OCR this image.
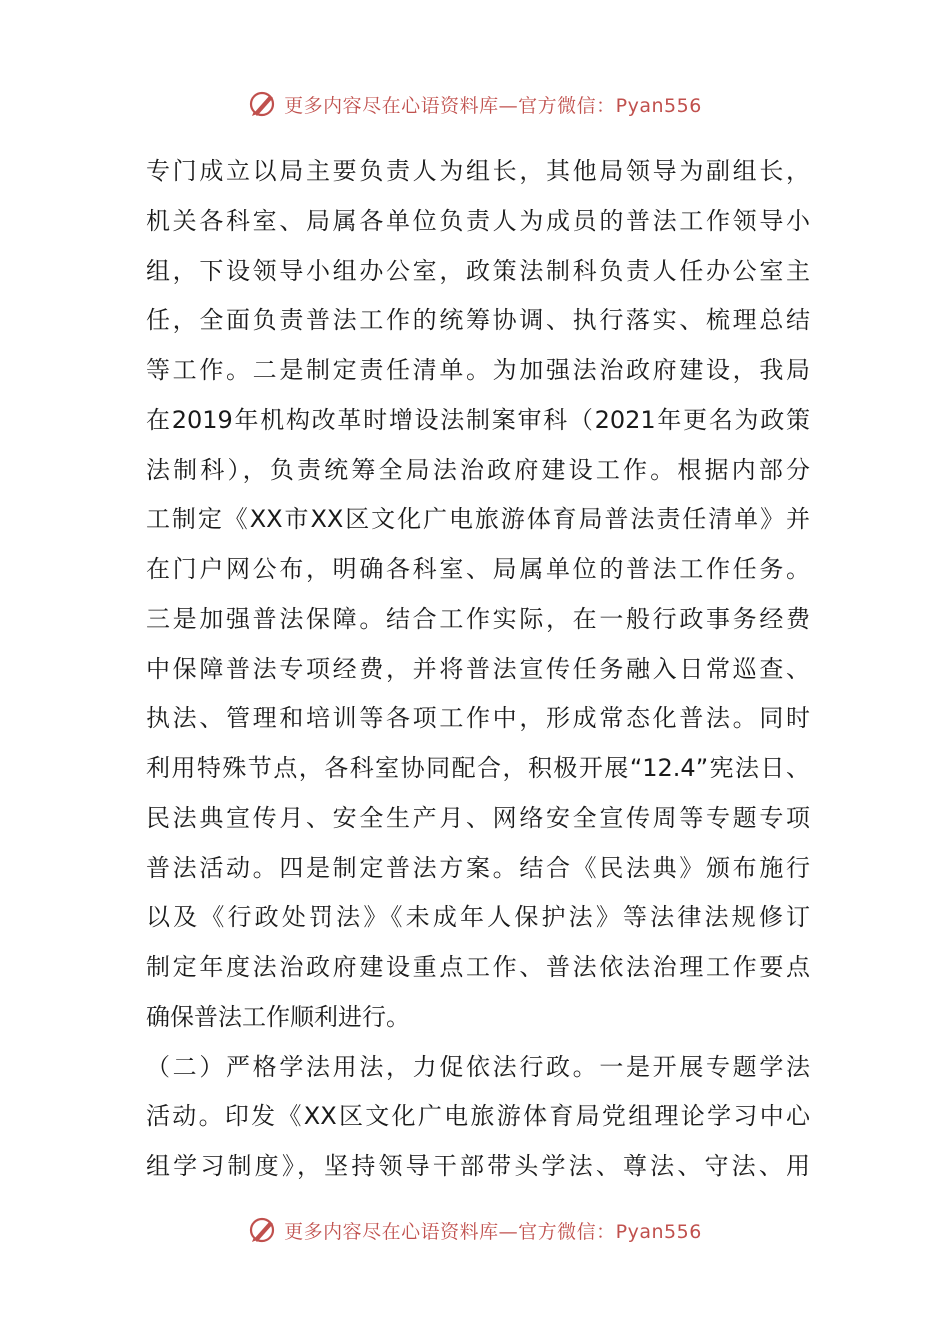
更多内容尽在心语资料库—官方微信：Pyan556
专门成立以局主要负责人为组长，其他局领导为副组长，
机关各科室、局属各单位负责人为成员的普法工作领导小
组，下设领导小组办公室，政策法制科负责人任办公室主
任，全面负责普法工作的统筹协调、执行落实、梳理总结
等工作。二是制定责任清单。为加强法治政府建设，我局
在2019年机构改革时增设法制案审科（2021年更名为政策
法制科），负责统筹全局法治政府建设工作。根据内部分
工制定《XX市XX区文化广电旅游体育局普法责任清单》并
在门户网公布，明确各科室、局属单位的普法工作任务。
三是加强普法保障。结合工作实际，在一般行政事务经费
中保障普法专项经费，并将普法宣传任务融入日常巡查、
执法、管理和培训等各项工作中，形成常态化普法。同时
利用特殊节点，各科室协同配合，积极开展“12.4”宪法日、
民法典宣传月、安全生产月、网络安全宣传周等专题专项
普法活动。四是制定普法方案。结合《民法典》颁布施行
以及《行政处罚法》《未成年人保护法》等法律法规修订
制定年度法治政府建设重点工作、普法依法治理工作要点
确保普法工作顺利进行。
（二）严格学法用法，力促依法行政。一是开展专题学法
活动。印发《XX区文化广电旅游体育局党组理论学习中心
组学习制度》，坚持领导干部带头学法、尊法、守法、用
更多内容尽在心语资料库—官方微信：Pyan556
